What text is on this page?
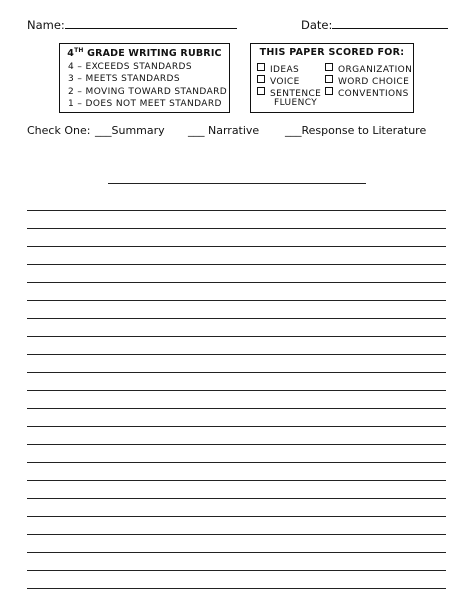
Name:	Date:
4TH GRADE WRITING RUBRIC
4 – EXCEEDS STANDARDS
3 – MEETS STANDARDS
2 – MOVING TOWARD STANDARD
1 – DOES NOT MEET STANDARD
THIS PAPER SCORED FOR:
IDEAS	ORGANIZATION
VOICE	WORD CHOICE
SENTENCE	CONVENTIONS
FLUENCY
Check One: ___Summary ___ Narrative ___Response to Literature
